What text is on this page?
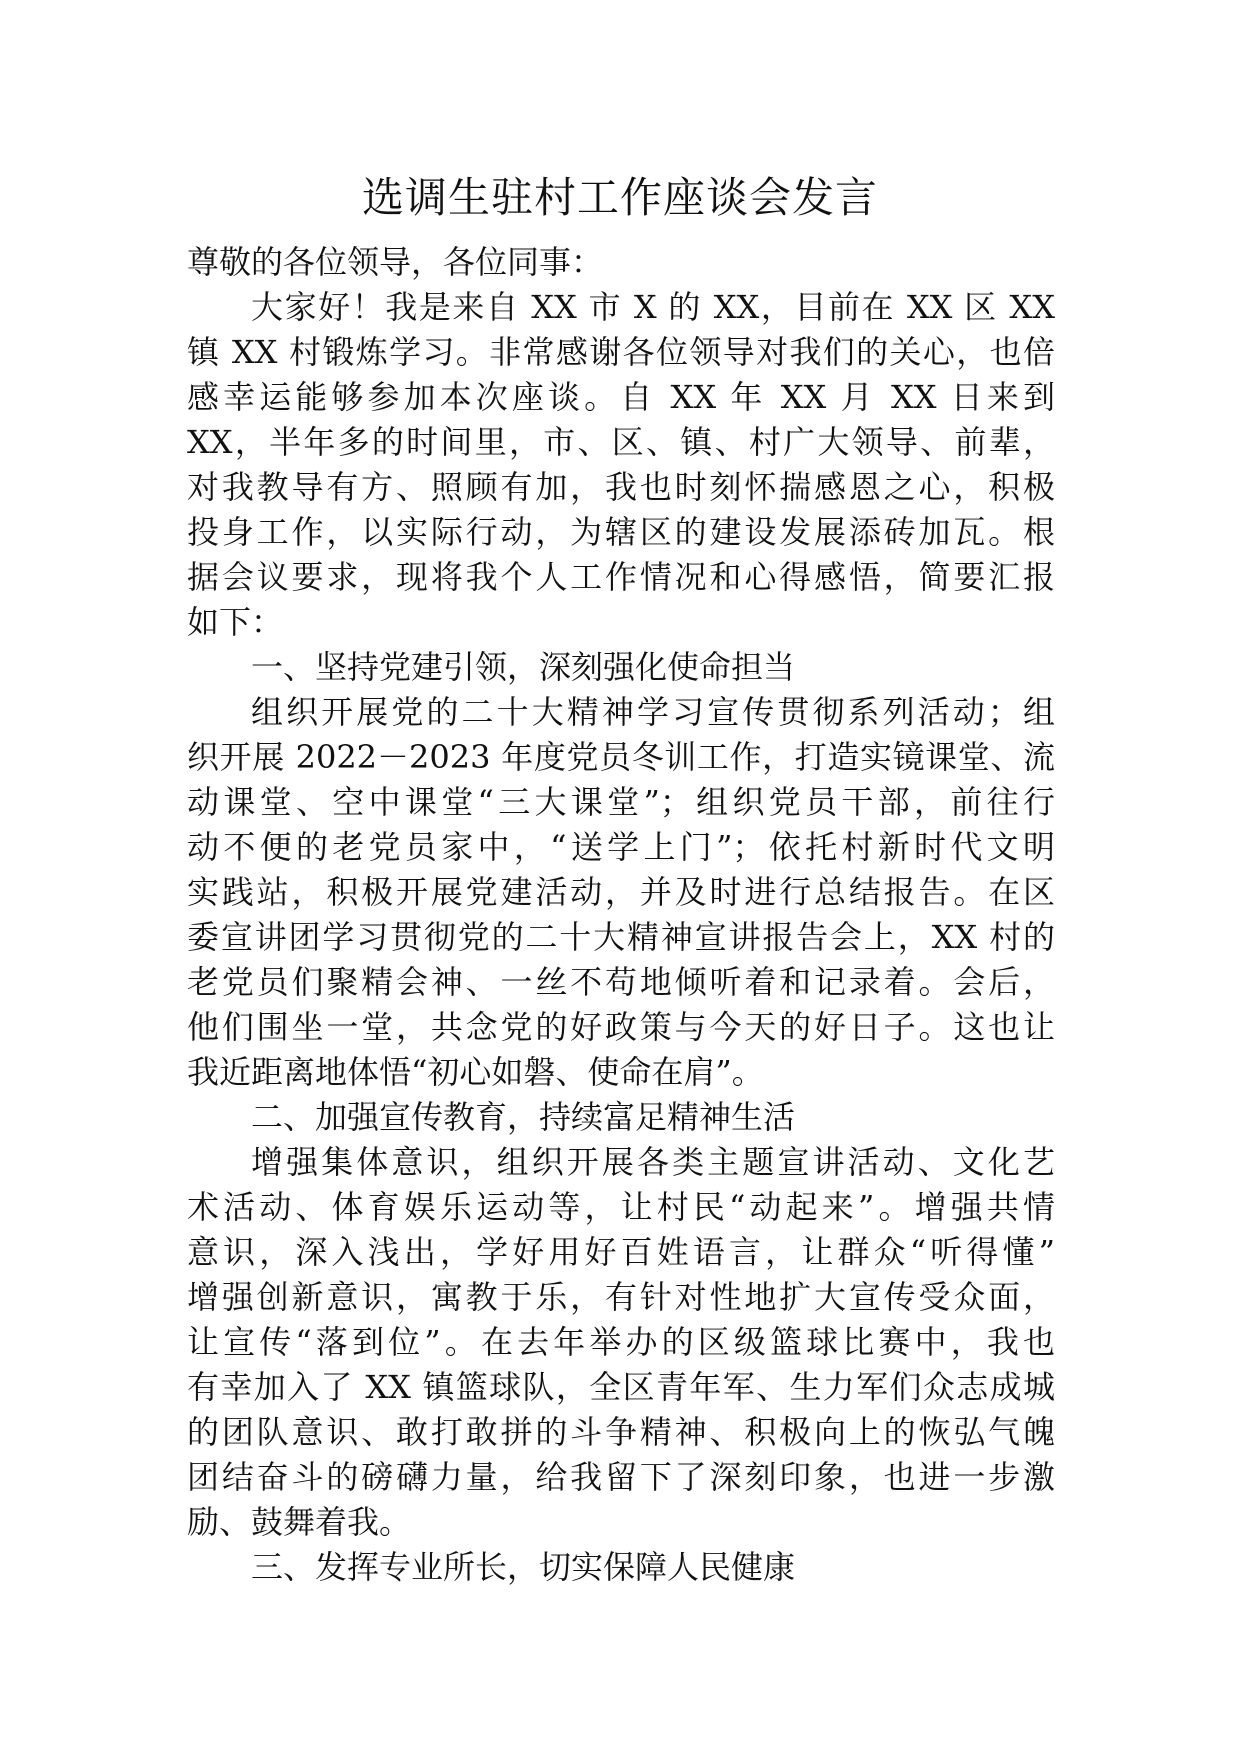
选调生驻村工作座谈会发言
尊敬的各位领导，各位同事：
大家好！我是来自 XX 市 X 的 XX，目前在 XX 区 XX
镇 XX 村锻炼学习。非常感谢各位领导对我们的关心，也倍
感幸运能够参加本次座谈。自 XX 年 XX 月 XX 日来到
XX，半年多的时间里，市、区、镇、村广大领导、前辈，
对我教导有方、照顾有加，我也时刻怀揣感恩之心，积极
投身工作，以实际行动，为辖区的建设发展添砖加瓦。根
据会议要求，现将我个人工作情况和心得感悟，简要汇报
如下：
一、坚持党建引领，深刻强化使命担当
组织开展党的二十大精神学习宣传贯彻系列活动；组
织开展 2022－2023 年度党员冬训工作，打造实镜课堂、流
动课堂、空中课堂“三大课堂”；组织党员干部，前往行
动不便的老党员家中，“送学上门”；依托村新时代文明
实践站，积极开展党建活动，并及时进行总结报告。在区
委宣讲团学习贯彻党的二十大精神宣讲报告会上，XX 村的
老党员们聚精会神、一丝不苟地倾听着和记录着。会后，
他们围坐一堂，共念党的好政策与今天的好日子。这也让
我近距离地体悟“初心如磐、使命在肩”。
二、加强宣传教育，持续富足精神生活
增强集体意识，组织开展各类主题宣讲活动、文化艺
术活动、体育娱乐运动等，让村民“动起来”。增强共情
意识，深入浅出，学好用好百姓语言，让群众“听得懂”
增强创新意识，寓教于乐，有针对性地扩大宣传受众面，
让宣传“落到位”。在去年举办的区级篮球比赛中，我也
有幸加入了 XX 镇篮球队，全区青年军、生力军们众志成城
的团队意识、敢打敢拼的斗争精神、积极向上的恢弘气魄
团结奋斗的磅礴力量，给我留下了深刻印象，也进一步激
励、鼓舞着我。
三、发挥专业所长，切实保障人民健康
